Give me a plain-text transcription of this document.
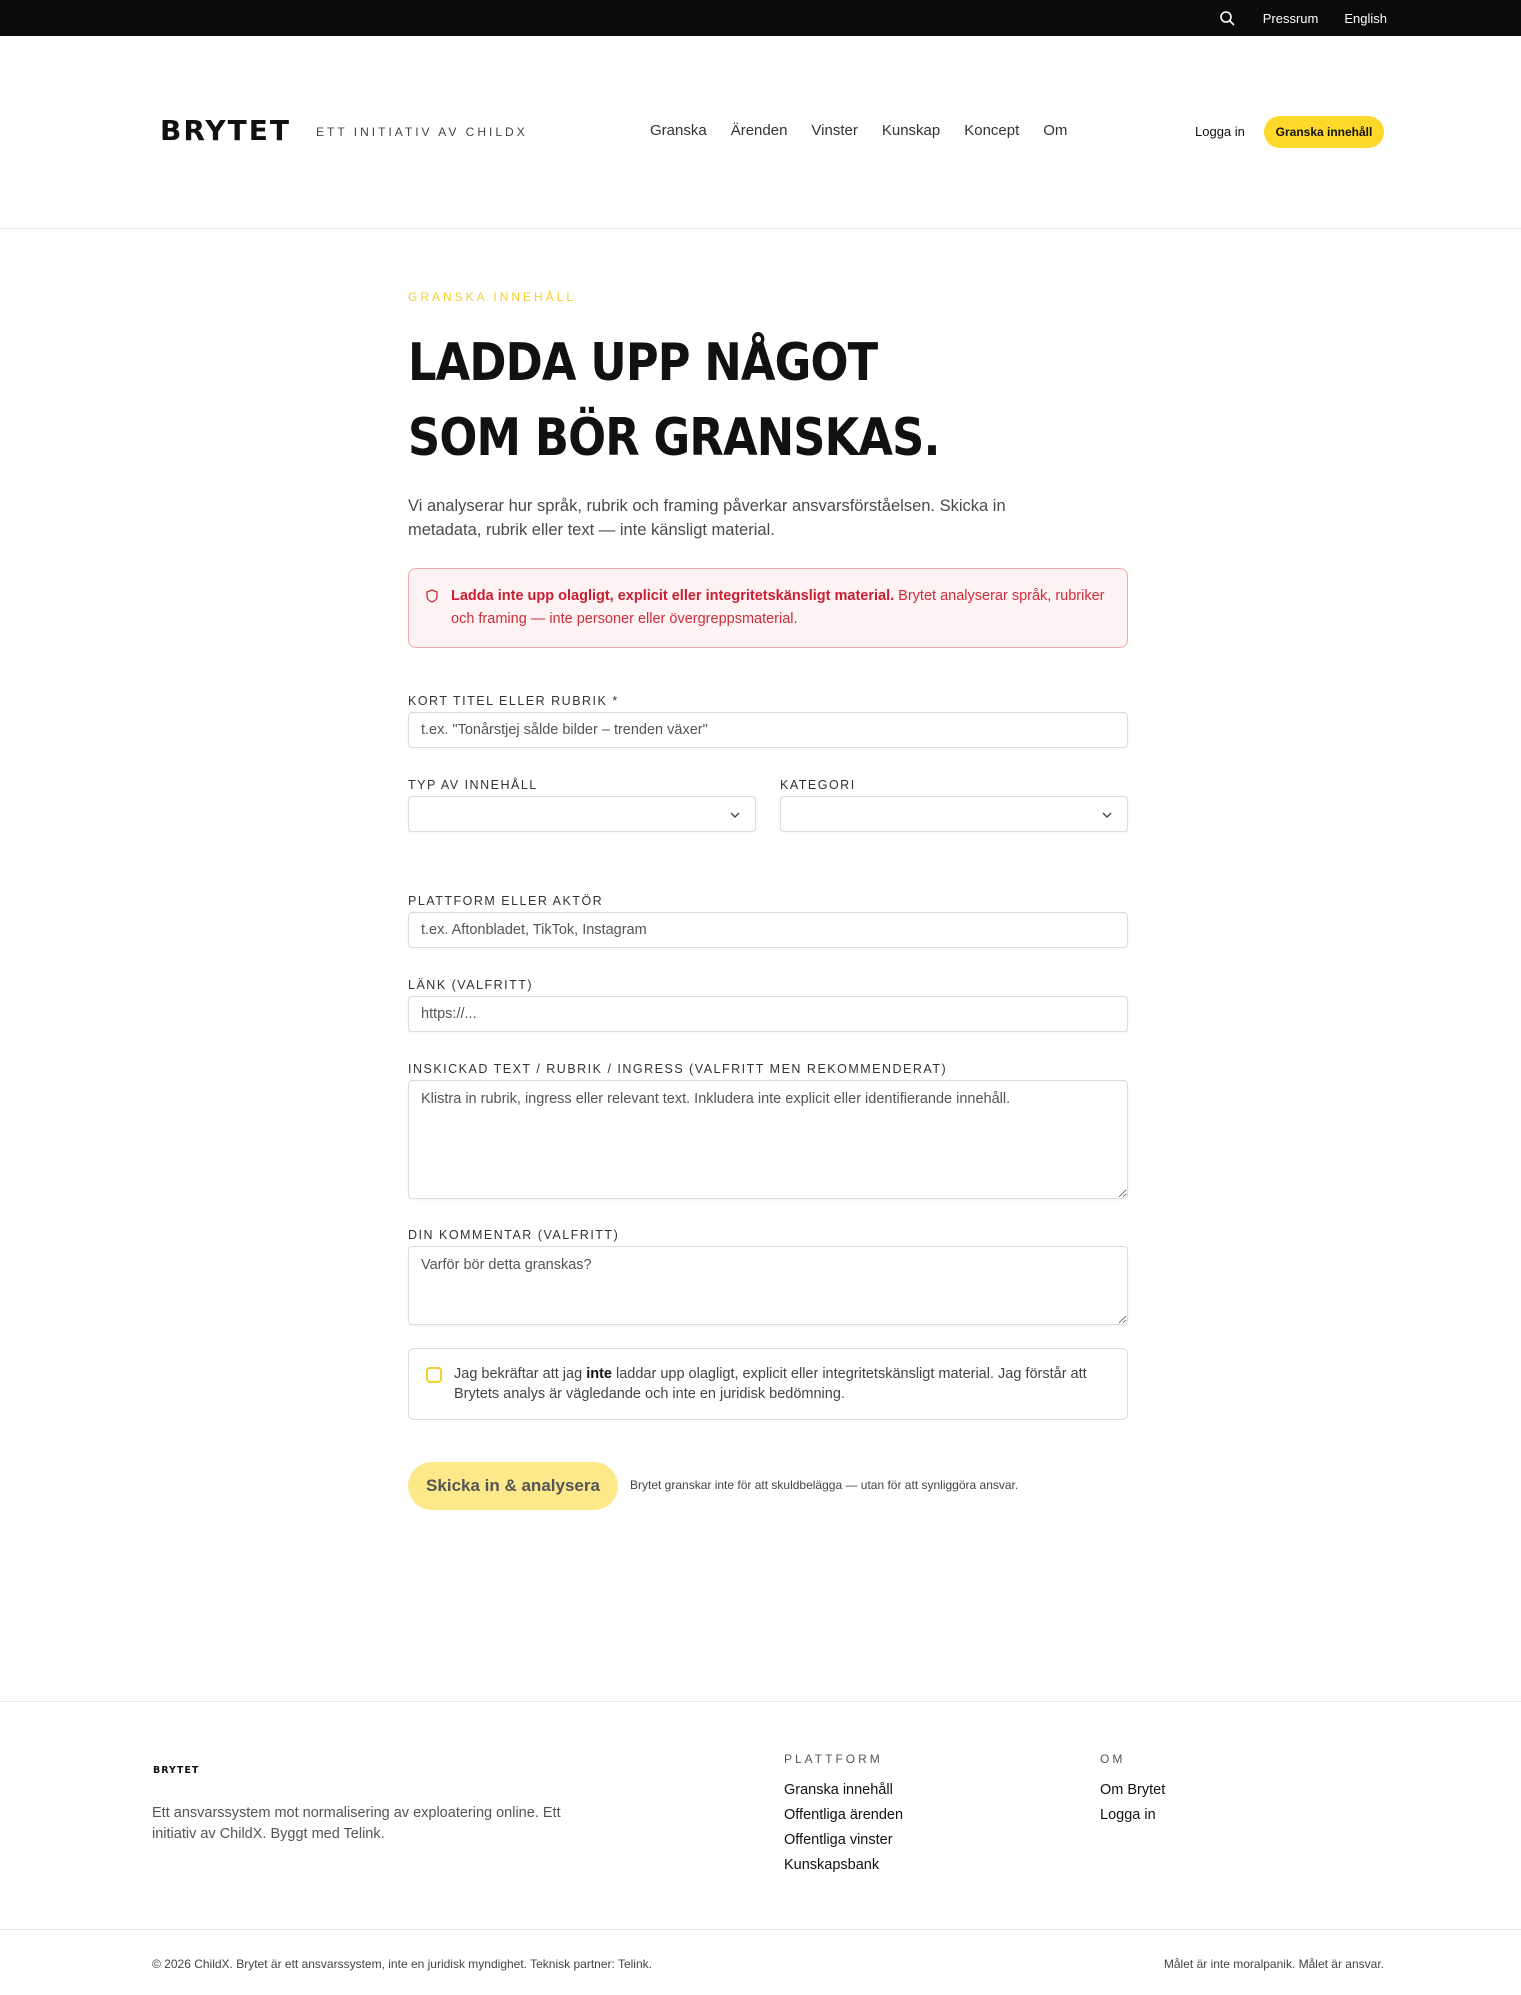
Pressrum English
BRYTET ETT INITIATIV AV CHILDX	Granska Ärenden Vinster Kunskap Koncept Om	Logga in	Granska innehåll
GRANSKA INNEHÅLL
LADDA UPP NÅGOT
SOM BÖR GRANSKAS.

Vi analyserar hur språk, rubrik och framing påverkar ansvarsförståelsen. Skicka in metadata, rubrik eller text — inte känsligt material.

Ladda inte upp olagligt, explicit eller integritetskänsligt material. Brytet analyserar språk, rubriker och framing — inte personer eller övergreppsmaterial.
KORT TITEL ELLER RUBRIK *
t.ex. "Tonårstjej sålde bilder – trenden växer"
TYP AV INNEHÅLL	KATEGORI
PLATTFORM ELLER AKTÖR
t.ex. Aftonbladet, TikTok, Instagram
LÄNK (VALFRITT)
https://...
INSKICKAD TEXT / RUBRIK / INGRESS (VALFRITT MEN REKOMMENDERAT)
Klistra in rubrik, ingress eller relevant text. Inkludera inte explicit eller identifierande innehåll.
DIN KOMMENTAR (VALFRITT)
Varför bör detta granskas?
Jag bekräftar att jag inte laddar upp olagligt, explicit eller integritetskänsligt material. Jag förstår att Brytets analys är vägledande och inte en juridisk bedömning.
Skicka in & analysera	Brytet granskar inte för att skuldbelägga — utan för att synliggöra ansvar.
BRYTET

Ett ansvarssystem mot normalisering av exploatering online. Ett initiativ av ChildX. Byggt med Telink.

PLATTFORM
Granska innehåll
Offentliga ärenden
Offentliga vinster
Kunskapsbank
OM
Om Brytet
Logga in
© 2026 ChildX. Brytet är ett ansvarssystem, inte en juridisk myndighet. Teknisk partner: Telink.	Målet är inte moralpanik. Målet är ansvar.
